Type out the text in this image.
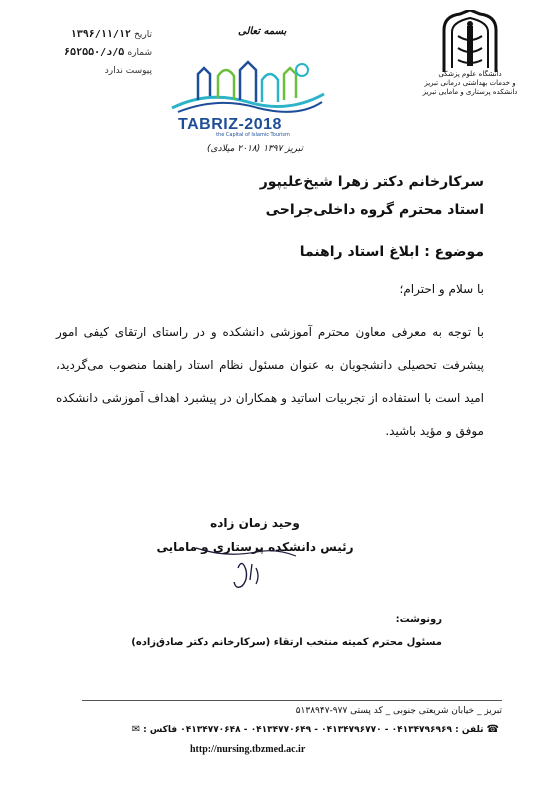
تاریخ ۱۳۹۶/۱۱/۱۲
شماره ۵/د/۶۵۲۵۵۰
پیوست ندارد
بسمه تعالی
دانشگاه علوم پزشکی
و خدمات بهداشتی درمانی تبریز
دانشکده پرستاری و مامایی تبریز
TABRIZ-2018
the Capital of Islamic Tourism
تبریز ۱۳۹۷ (۲۰۱۸ میلادی)
سرکارخانم دکتر زهرا شیخ‌علیپور
استاد محترم گروه داخلی‌جراحی
موضوع : ابلاغ استاد راهنما
با سلام و احترام؛
با توجه به معرفی معاون محترم آموزشی دانشکده و در راستای ارتقای کیفی امور پیشرفت تحصیلی دانشجویان به عنوان مسئول نظام استاد راهنما منصوب می‌گردید، امید است با استفاده از تجربیات اساتید و همکاران در پیشبرد اهداف آموزشی دانشکده موفق و مؤید باشید.
وحید زمان زاده
رئیس دانشکده پرستاری و مامایی
رونوشت:
مسئول محترم کمیته منتخب ارتقاء (سرکارخانم دکتر صادق‌زاده)
تبریز _ خیابان شریعتی جنوبی _ کد پستی ۹۷۷-۵۱۳۸۹۴۷
☎تلفن : ۰۴۱۳۴۷۹۶۹۶۹ - ۰۴۱۳۴۷۹۶۷۷۰ - ۰۴۱۳۴۷۷۰۶۴۹ - ۰۴۱۳۴۷۷۰۶۴۸ فاکس :✉
http://nursing.tbzmed.ac.ir
